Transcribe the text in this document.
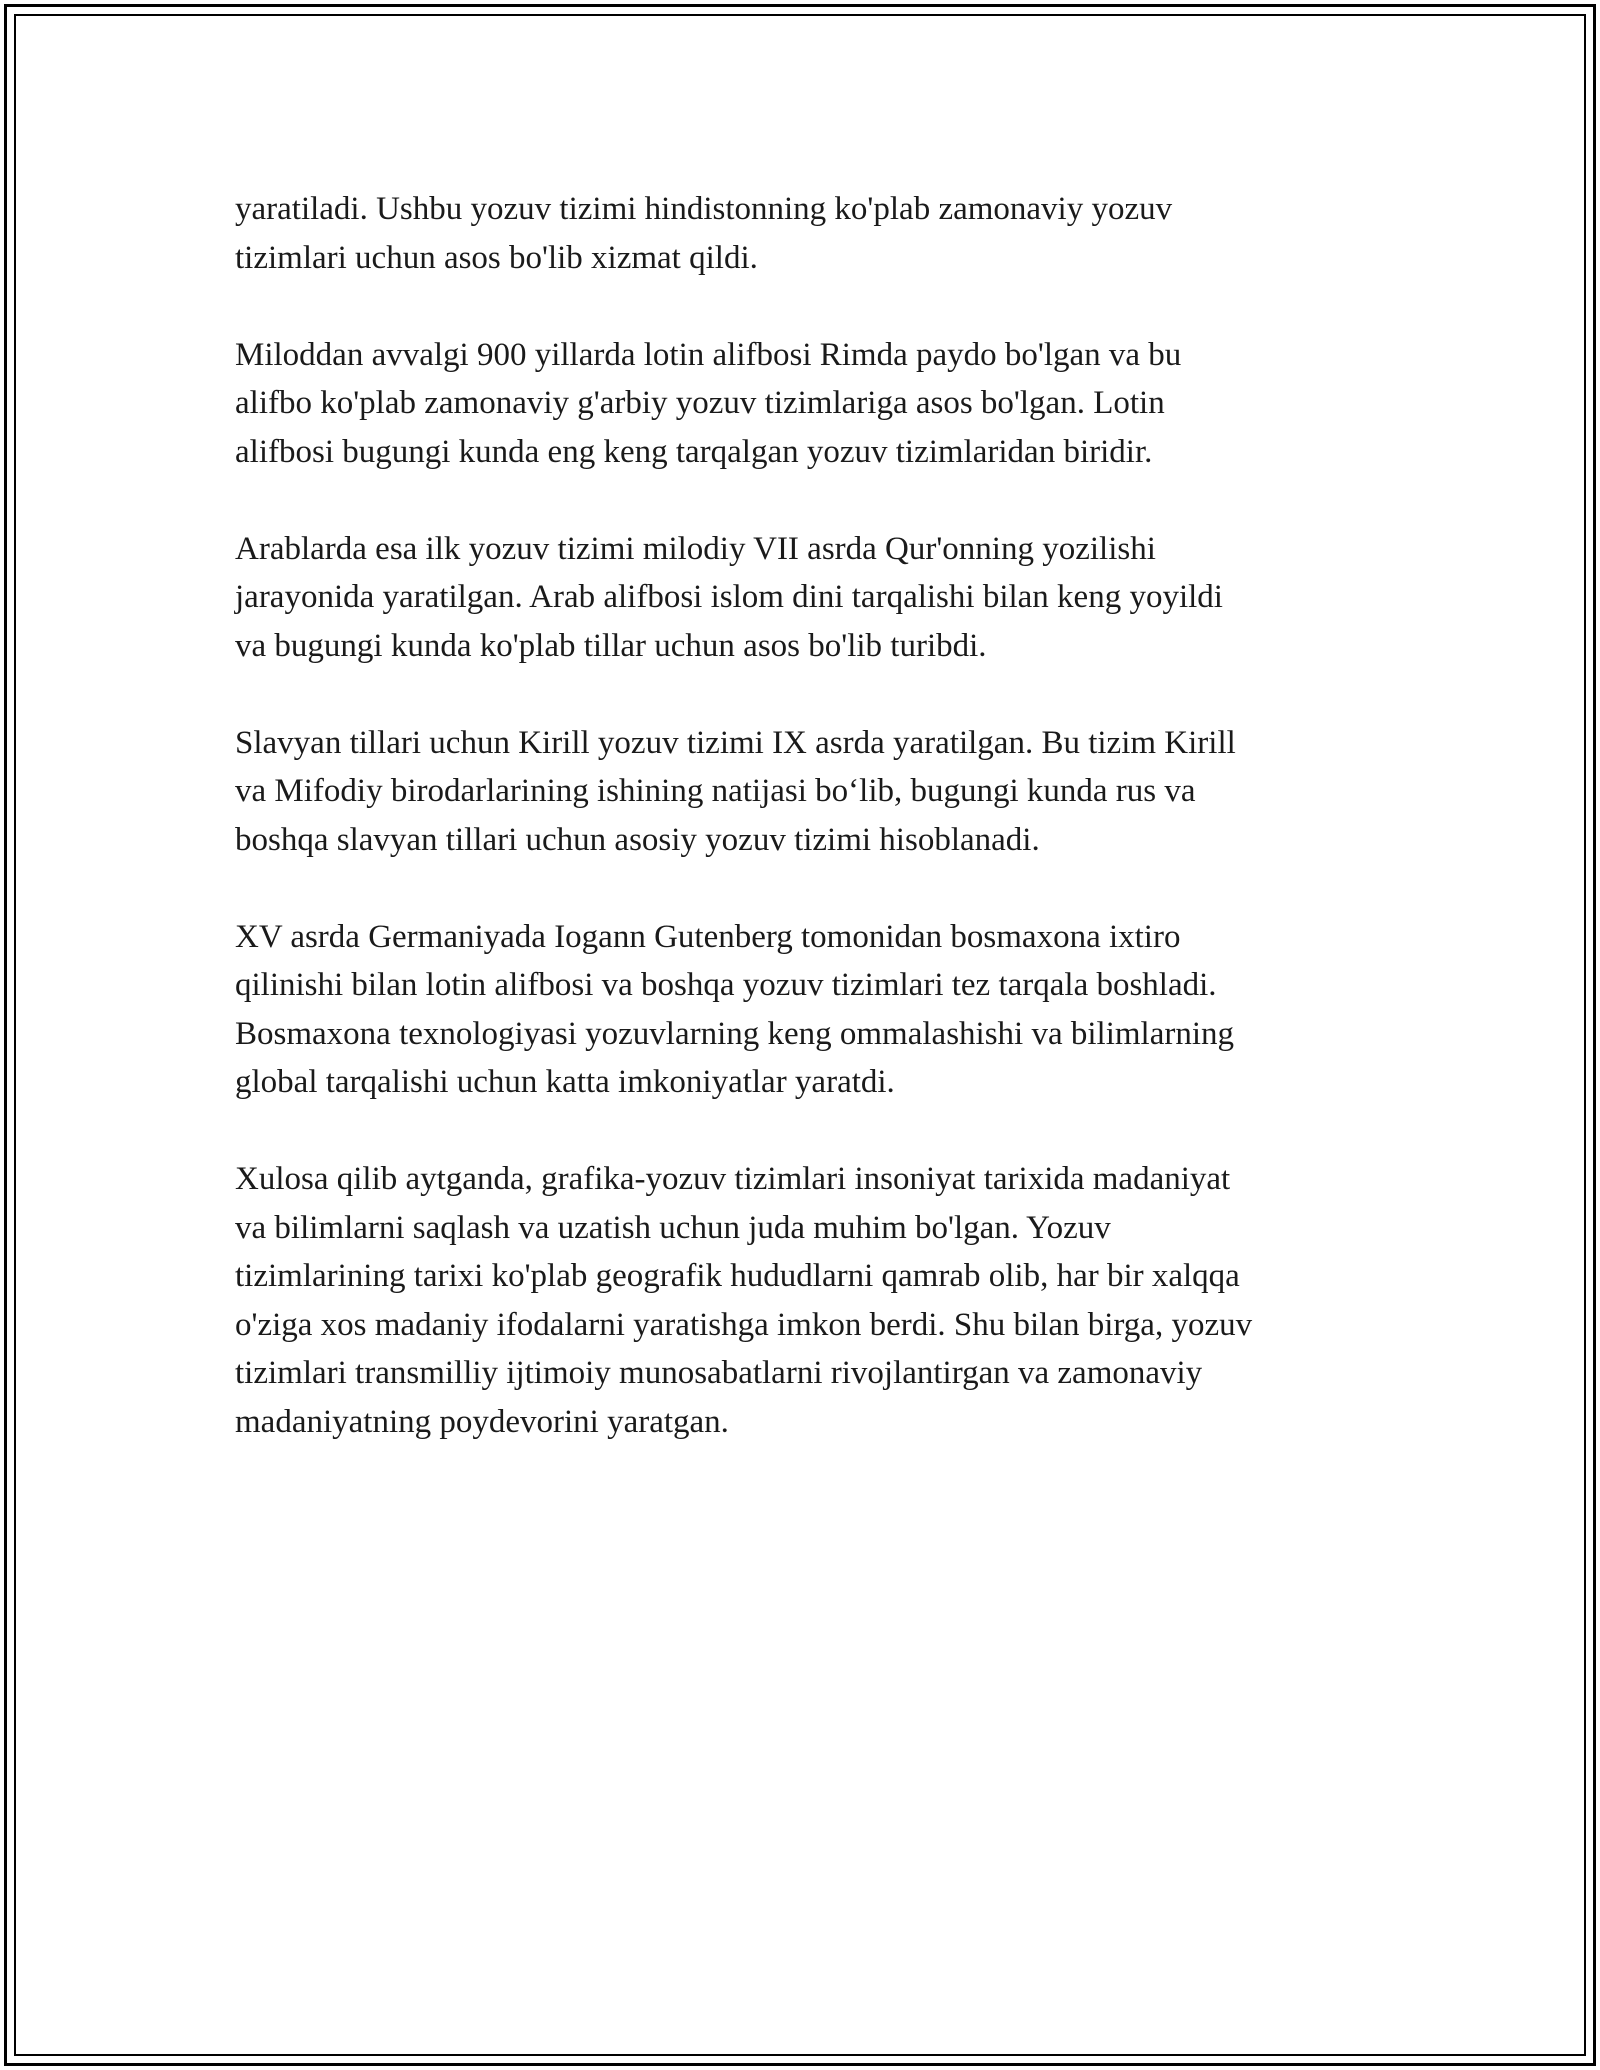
yaratiladi. Ushbu yozuv tizimi hindistonning ko'plab zamonaviy yozuv
tizimlari uchun asos bo'lib xizmat qildi.

Miloddan avvalgi 900 yillarda lotin alifbosi Rimda paydo bo'lgan va bu
alifbo ko'plab zamonaviy g'arbiy yozuv tizimlariga asos bo'lgan. Lotin
alifbosi bugungi kunda eng keng tarqalgan yozuv tizimlaridan biridir.

Arablarda esa ilk yozuv tizimi milodiy VII asrda Qur'onning yozilishi
jarayonida yaratilgan. Arab alifbosi islom dini tarqalishi bilan keng yoyildi
va bugungi kunda ko'plab tillar uchun asos bo'lib turibdi.

Slavyan tillari uchun Kirill yozuv tizimi IX asrda yaratilgan. Bu tizim Kirill
va Mifodiy birodarlarining ishining natijasi bo‘lib, bugungi kunda rus va
boshqa slavyan tillari uchun asosiy yozuv tizimi hisoblanadi.

XV asrda Germaniyada Iogann Gutenberg tomonidan bosmaxona ixtiro
qilinishi bilan lotin alifbosi va boshqa yozuv tizimlari tez tarqala boshladi.
Bosmaxona texnologiyasi yozuvlarning keng ommalashishi va bilimlarning
global tarqalishi uchun katta imkoniyatlar yaratdi.

Xulosa qilib aytganda, grafika-yozuv tizimlari insoniyat tarixida madaniyat
va bilimlarni saqlash va uzatish uchun juda muhim bo'lgan. Yozuv
tizimlarining tarixi ko'plab geografik hududlarni qamrab olib, har bir xalqqa
o'ziga xos madaniy ifodalarni yaratishga imkon berdi. Shu bilan birga, yozuv
tizimlari transmilliy ijtimoiy munosabatlarni rivojlantirgan va zamonaviy
madaniyatning poydevorini yaratgan.
